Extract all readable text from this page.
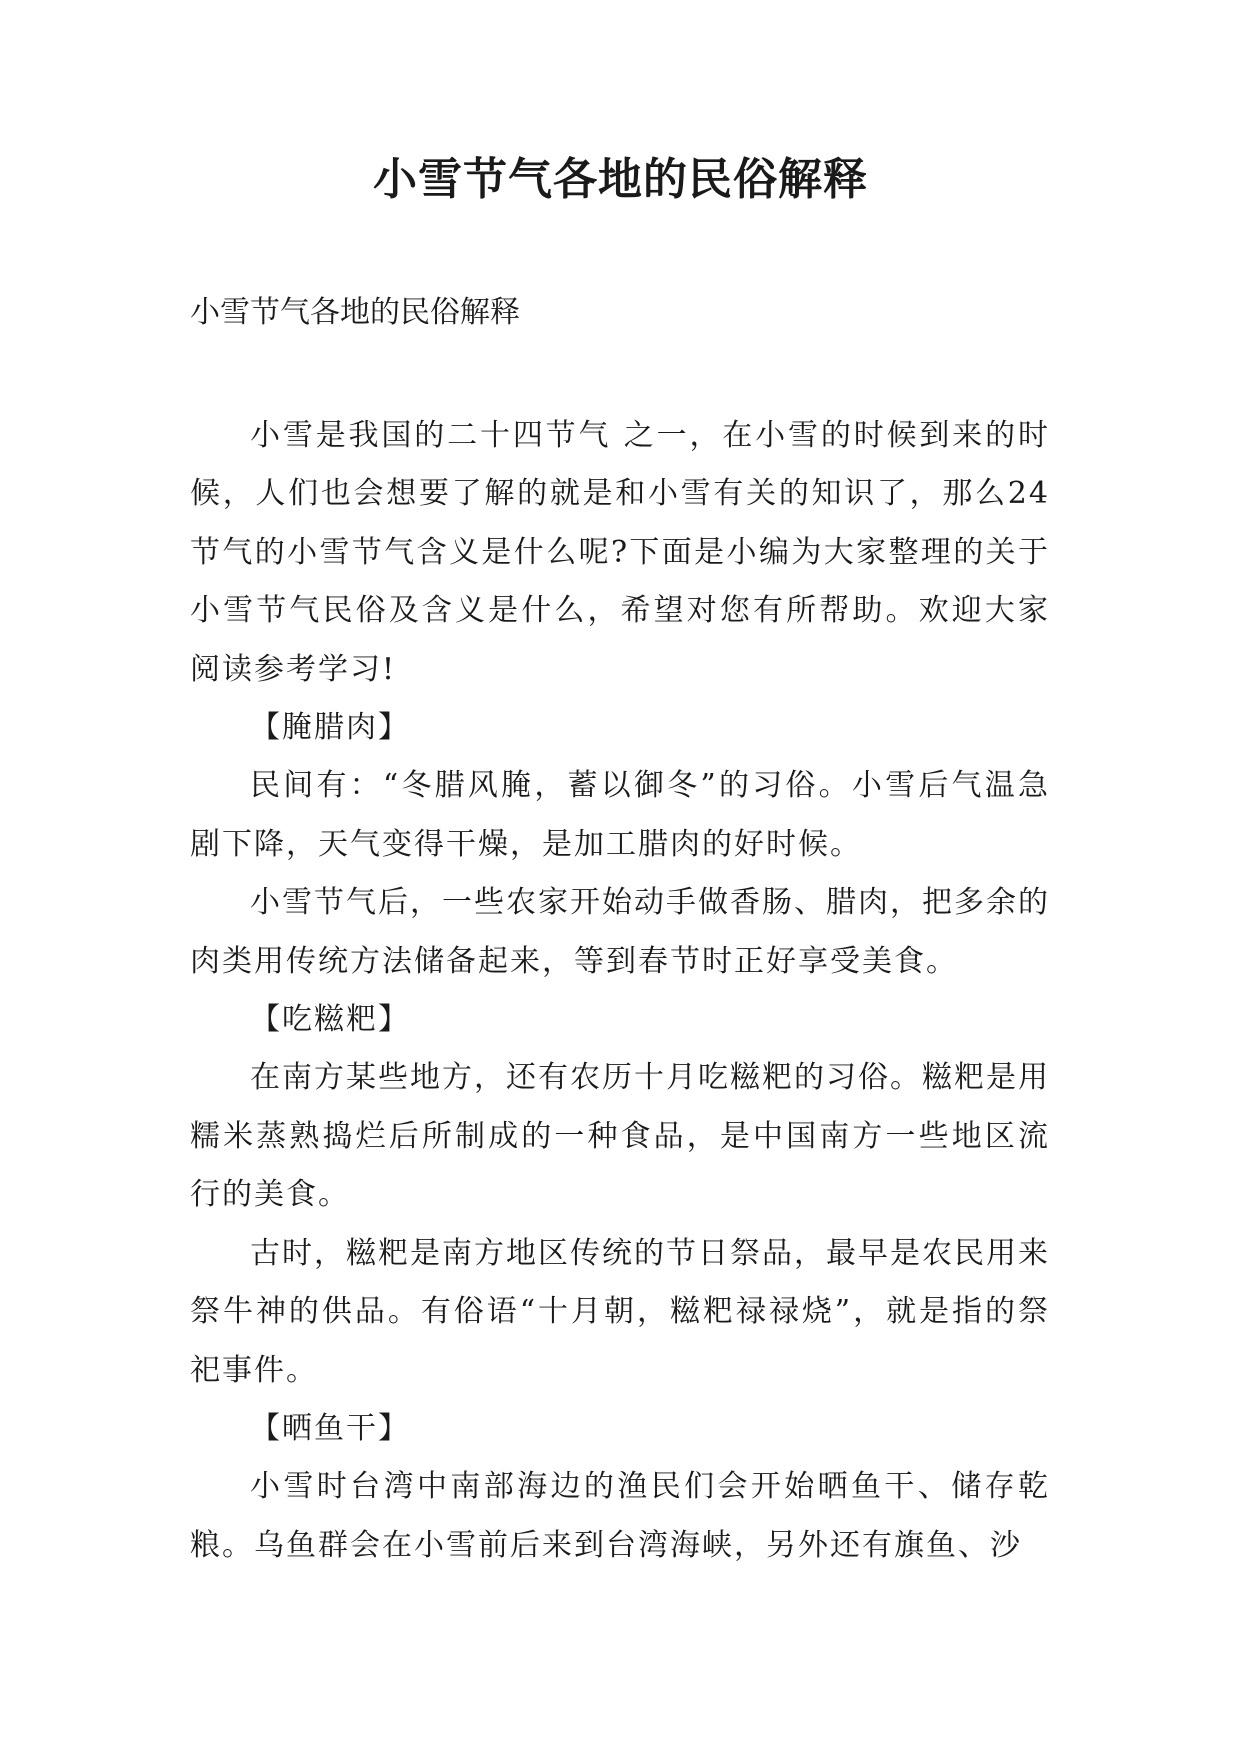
小雪节气各地的民俗解释

小雪节气各地的民俗解释

小雪是我国的二十四节气 之一，在小雪的时候到来的时候，人们也会想要了解的就是和小雪有关的知识了，那么24节气的小雪节气含义是什么呢?下面是小编为大家整理的关于小雪节气民俗及含义是什么，希望对您有所帮助。欢迎大家阅读参考学习!

【腌腊肉】

民间有：“冬腊风腌，蓄以御冬”的习俗。小雪后气温急剧下降，天气变得干燥，是加工腊肉的好时候。

小雪节气后，一些农家开始动手做香肠、腊肉，把多余的肉类用传统方法储备起来，等到春节时正好享受美食。

【吃糍粑】

在南方某些地方，还有农历十月吃糍粑的习俗。糍粑是用糯米蒸熟捣烂后所制成的一种食品，是中国南方一些地区流行的美食。

古时，糍粑是南方地区传统的节日祭品，最早是农民用来祭牛神的供品。有俗语“十月朝，糍粑禄禄烧”，就是指的祭祀事件。

【晒鱼干】

小雪时台湾中南部海边的渔民们会开始晒鱼干、储存乾粮。乌鱼群会在小雪前后来到台湾海峡，另外还有旗鱼、沙
